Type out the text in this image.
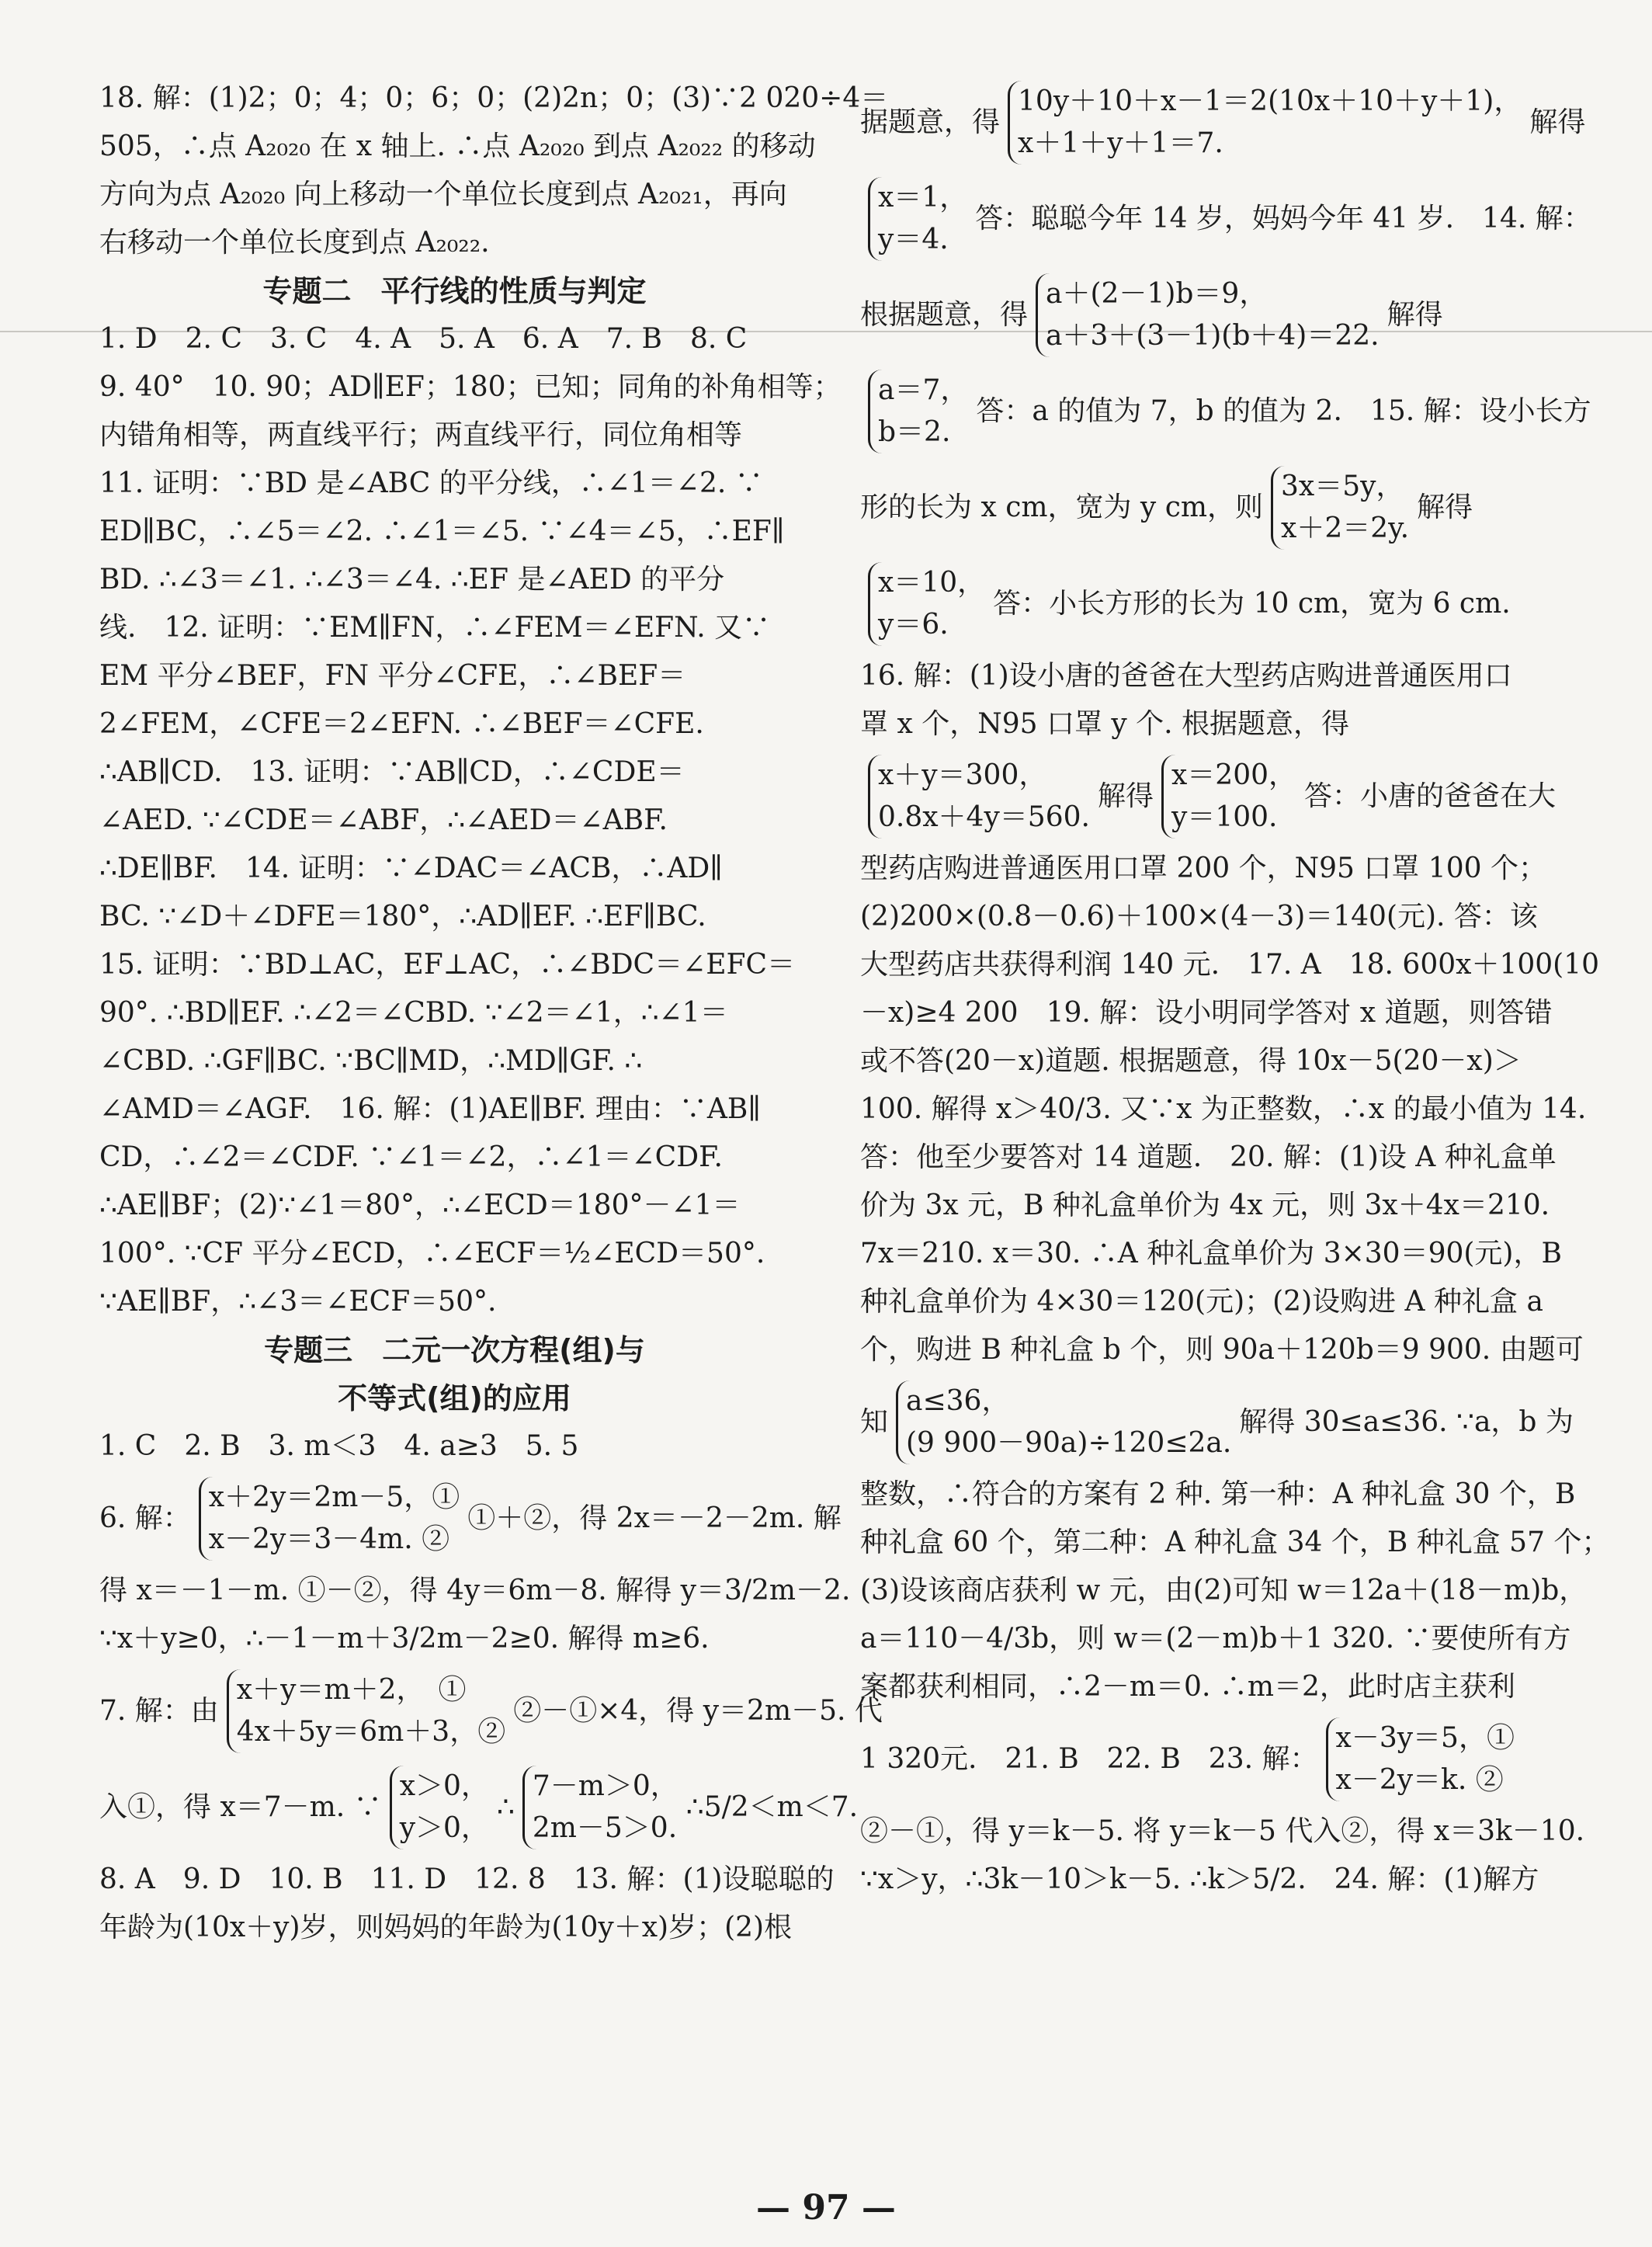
18. 解：(1)2；0；4；0；6；0；(2)2n；0；(3)∵2 020÷4＝
505，∴点 A₂₀₂₀ 在 x 轴上. ∴点 A₂₀₂₀ 到点 A₂₀₂₂ 的移动
方向为点 A₂₀₂₀ 向上移动一个单位长度到点 A₂₀₂₁，再向
右移动一个单位长度到点 A₂₀₂₂.
专题二　平行线的性质与判定
1. D　2. C　3. C　4. A　5. A　6. A　7. B　8. C
9. 40°　10. 90；AD∥EF；180；已知；同角的补角相等；
内错角相等，两直线平行；两直线平行，同位角相等
11. 证明：∵BD 是∠ABC 的平分线，∴∠1＝∠2. ∵
ED∥BC，∴∠5＝∠2. ∴∠1＝∠5. ∵∠4＝∠5，∴EF∥
BD. ∴∠3＝∠1. ∴∠3＝∠4. ∴EF 是∠AED 的平分
线.　12. 证明：∵EM∥FN，∴∠FEM＝∠EFN. 又∵
EM 平分∠BEF，FN 平分∠CFE，∴∠BEF＝
2∠FEM，∠CFE＝2∠EFN. ∴∠BEF＝∠CFE.
∴AB∥CD.　13. 证明：∵AB∥CD，∴∠CDE＝
∠AED. ∵∠CDE＝∠ABF，∴∠AED＝∠ABF.
∴DE∥BF.　14. 证明：∵∠DAC＝∠ACB，∴AD∥
BC. ∵∠D＋∠DFE＝180°，∴AD∥EF. ∴EF∥BC.
15. 证明：∵BD⊥AC，EF⊥AC，∴∠BDC＝∠EFC＝
90°. ∴BD∥EF. ∴∠2＝∠CBD. ∵∠2＝∠1，∴∠1＝
∠CBD. ∴GF∥BC. ∵BC∥MD，∴MD∥GF. ∴
∠AMD＝∠AGF.　16. 解：(1)AE∥BF. 理由：∵AB∥
CD，∴∠2＝∠CDF. ∵∠1＝∠2，∴∠1＝∠CDF.
∴AE∥BF；(2)∵∠1＝80°，∴∠ECD＝180°－∠1＝
100°. ∵CF 平分∠ECD，∴∠ECF＝½∠ECD＝50°.
∵AE∥BF，∴∠3＝∠ECF＝50°.
专题三　二元一次方程(组)与
不等式(组)的应用
1. C　2. B　3. m＜3　4. a≥3　5. 5
6. 解：
x＋2y＝2m－5，①
x－2y＝3－4m. ②
①＋②，得 2x＝－2－2m. 解
得 x＝－1－m. ①－②，得 4y＝6m－8. 解得 y＝3/2m－2.
∵x＋y≥0，∴－1－m＋3/2m－2≥0. 解得 m≥6.
7. 解：由
x＋y＝m＋2，　①
4x＋5y＝6m＋3，②
②－①×4，得 y＝2m－5. 代
入①，得 x＝7－m. ∵
x＞0，
y＞0，
∴
7－m＞0，
2m－5＞0.
∴5/2＜m＜7.
8. A　9. D　10. B　11. D　12. 8　13. 解：(1)设聪聪的
年龄为(10x＋y)岁，则妈妈的年龄为(10y＋x)岁；(2)根
据题意，得
10y＋10＋x－1＝2(10x＋10＋y＋1)，
x＋1＋y＋1＝7.
解得
x＝1，
y＝4.
答：聪聪今年 14 岁，妈妈今年 41 岁.　14. 解：
根据题意，得
a＋(2－1)b＝9，
a＋3＋(3－1)(b＋4)＝22.
解得
a＝7，
b＝2.
答：a 的值为 7，b 的值为 2.　15. 解：设小长方
形的长为 x cm，宽为 y cm，则
3x＝5y，
x＋2＝2y.
解得
x＝10，
y＝6.
答：小长方形的长为 10 cm，宽为 6 cm.
16. 解：(1)设小唐的爸爸在大型药店购进普通医用口
罩 x 个，N95 口罩 y 个. 根据题意，得
x＋y＝300，
0.8x＋4y＝560.
解得
x＝200，
y＝100.
答：小唐的爸爸在大
型药店购进普通医用口罩 200 个，N95 口罩 100 个；
(2)200×(0.8－0.6)＋100×(4－3)＝140(元). 答：该
大型药店共获得利润 140 元.　17. A　18. 600x＋100(10
－x)≥4 200　19. 解：设小明同学答对 x 道题，则答错
或不答(20－x)道题. 根据题意，得 10x－5(20－x)＞
100. 解得 x＞40/3. 又∵x 为正整数，∴x 的最小值为 14.
答：他至少要答对 14 道题.　20. 解：(1)设 A 种礼盒单
价为 3x 元，B 种礼盒单价为 4x 元，则 3x＋4x＝210.
7x＝210. x＝30. ∴A 种礼盒单价为 3×30＝90(元)，B
种礼盒单价为 4×30＝120(元)；(2)设购进 A 种礼盒 a
个，购进 B 种礼盒 b 个，则 90a＋120b＝9 900. 由题可
知
a≤36，
(9 900－90a)÷120≤2a.
解得 30≤a≤36. ∵a，b 为
整数，∴符合的方案有 2 种. 第一种：A 种礼盒 30 个，B
种礼盒 60 个，第二种：A 种礼盒 34 个，B 种礼盒 57 个；
(3)设该商店获利 w 元，由(2)可知 w＝12a＋(18－m)b，
a＝110－4/3b，则 w＝(2－m)b＋1 320. ∵要使所有方
案都获利相同，∴2－m＝0. ∴m＝2，此时店主获利
1 320元.　21. B　22. B　23. 解：
x－3y＝5，①
x－2y＝k. ②
②－①，得 y＝k－5. 将 y＝k－5 代入②，得 x＝3k－10.
∵x＞y，∴3k－10＞k－5. ∴k＞5/2.　24. 解：(1)解方
— 97 —
